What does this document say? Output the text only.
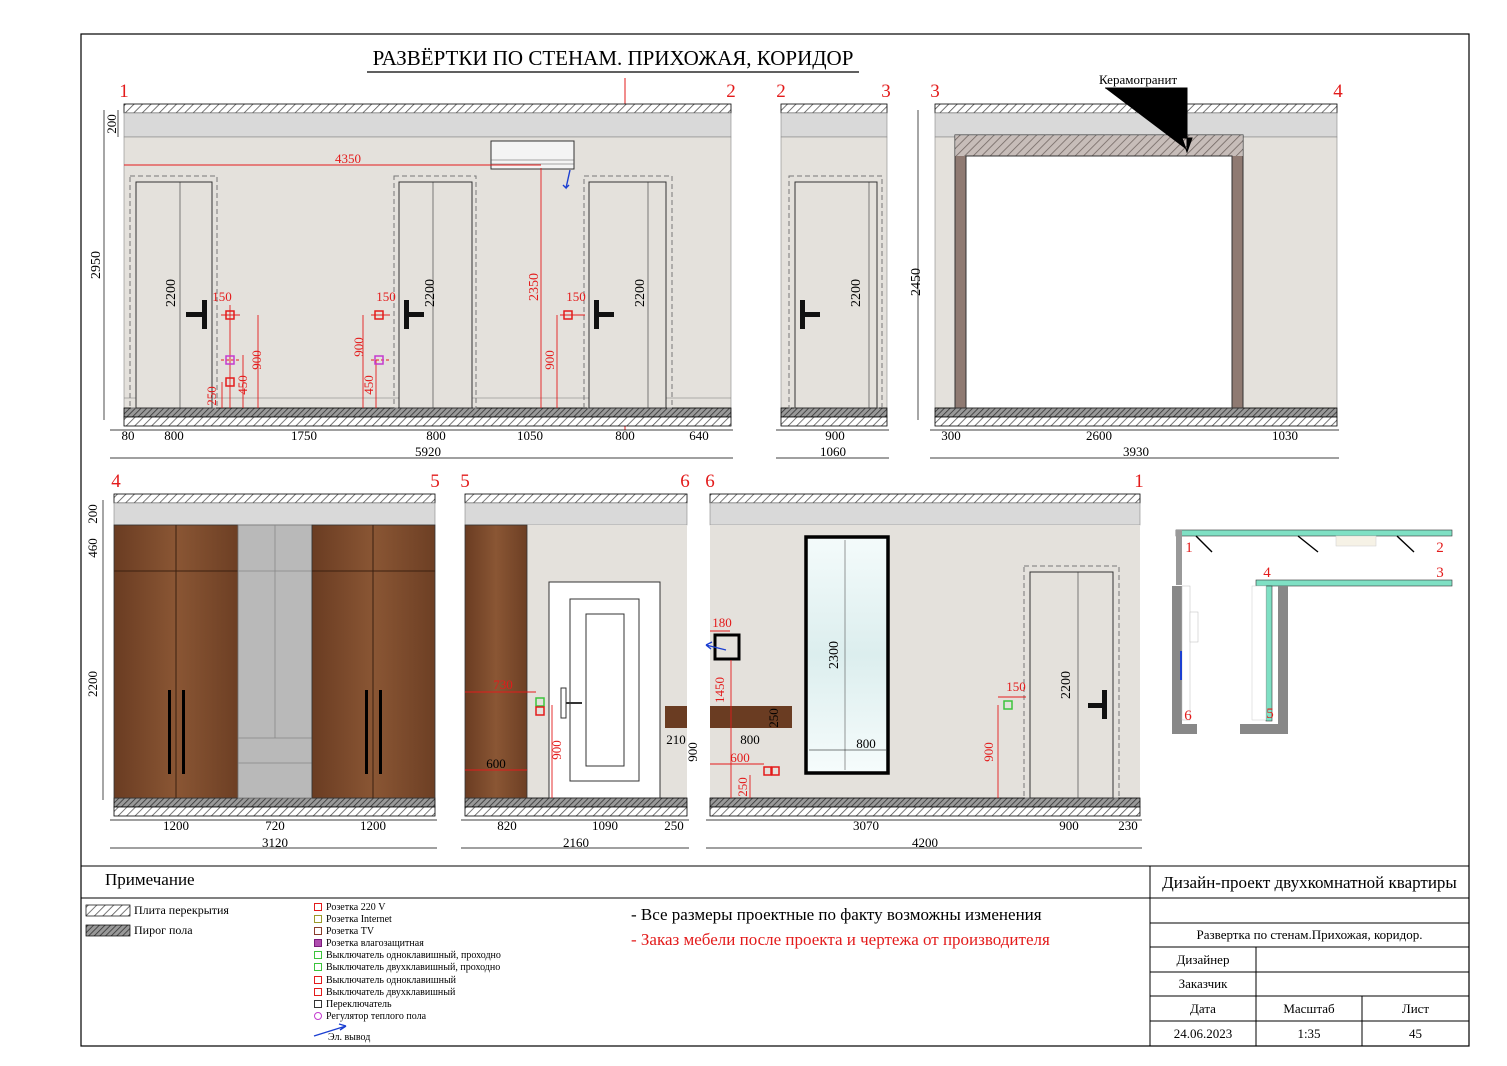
РАЗВЁРТКИ ПО СТЕНАМ. ПРИХОЖАЯ, КОРИДОР
1	2
4	3
6	5
1	2 2	3 3	4
4	5 5	6 6	1
Керамогранит
2950
200
2200	2200	2200
80 800	1750	800	1050	800	640
5920
2200
900
1060
2450
300	2600	1030
3930
200
460
2200
1200	720	1200
3120
600
210
900
820	1090	250
2160
800	800
2300
2200
250
3070	900	230
4200
4350
2350
900
150	150	150
900
450
250
900
450
730
900
180
1450
600
250
150
900
Примечание
Плита перекрытия
Пирог пола
Розетка 220 V
Розетка Internet
Розетка TV
Розетка влагозащитная
Выключатель одноклавишный, проходно
Выключатель двухклавишный, проходно
Выключатель одноклавишный
Выключатель двухклавишный
Переключатель
Регулятор теплого пола
Эл. вывод
- Все размеры проектные по факту возможны изменения
- Заказ мебели после проекта и чертежа от производителя
Дизайн-проект двухкомнатной квартиры
Развертка по стенам.Прихожая, коридор.
Дизайнер
Заказчик
Дата	Масштаб	Лист
24.06.2023	1:35	45
